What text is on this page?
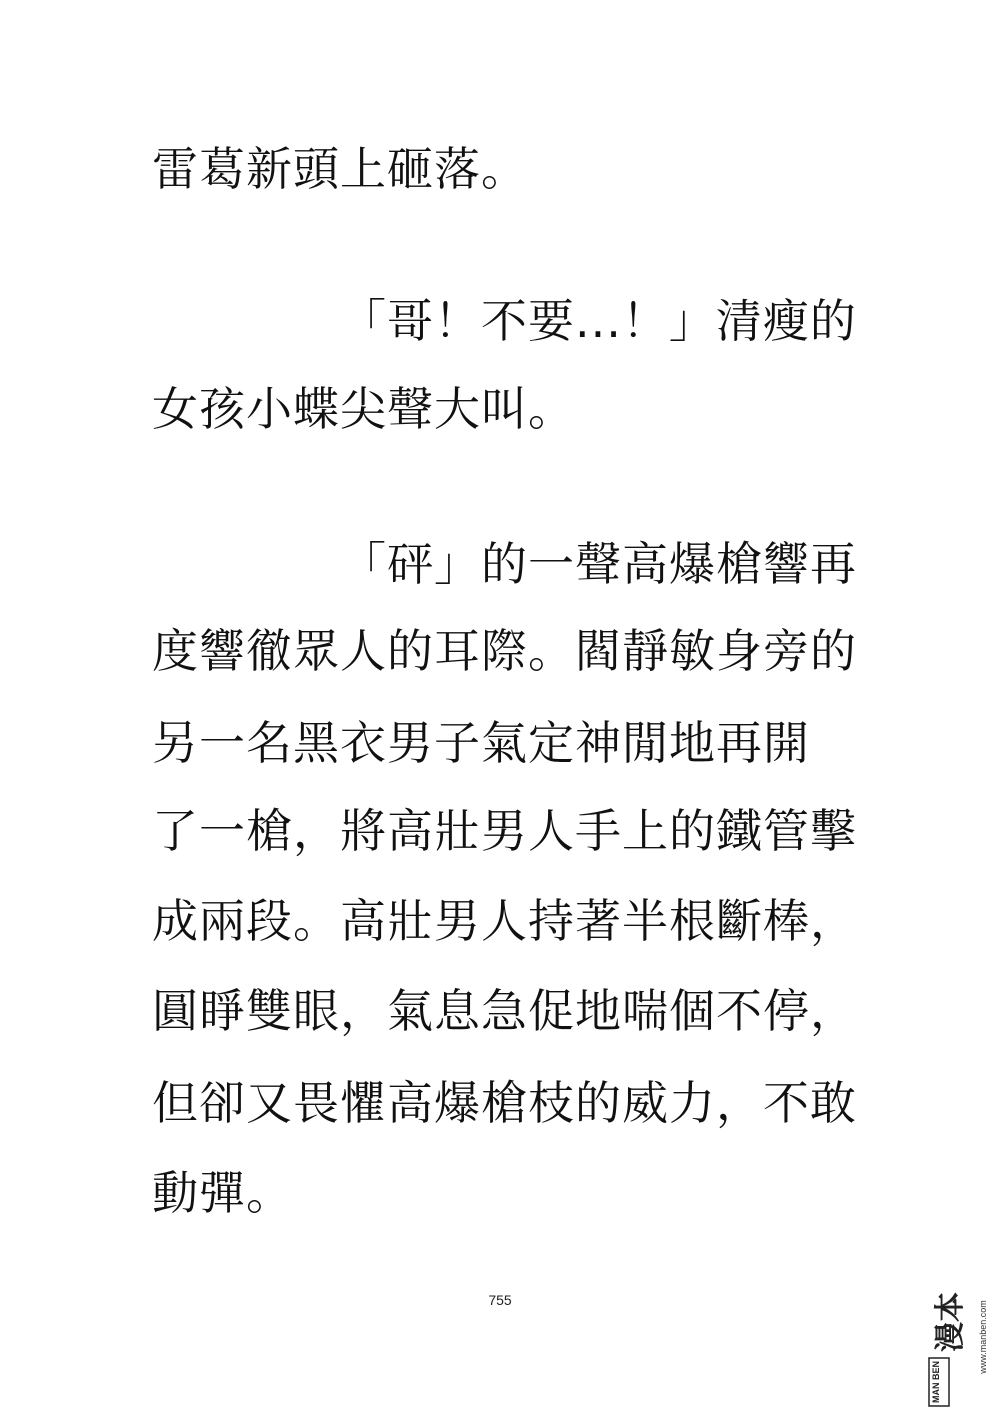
雷葛新頭上砸落。
「哥！不要...！」清瘦的
女孩小蝶尖聲大叫。
「砰」的一聲高爆槍響再
度響徹眾人的耳際。閻靜敏身旁的
另一名黑衣男子氣定神閒地再開
了一槍，將高壯男人手上的鐵管擊
成兩段。高壯男人持著半根斷棒，
圓睜雙眼，氣息急促地喘個不停，
但卻又畏懼高爆槍枝的威力，不敢
動彈。
755
MAN BEN
漫本 www.manben.com
